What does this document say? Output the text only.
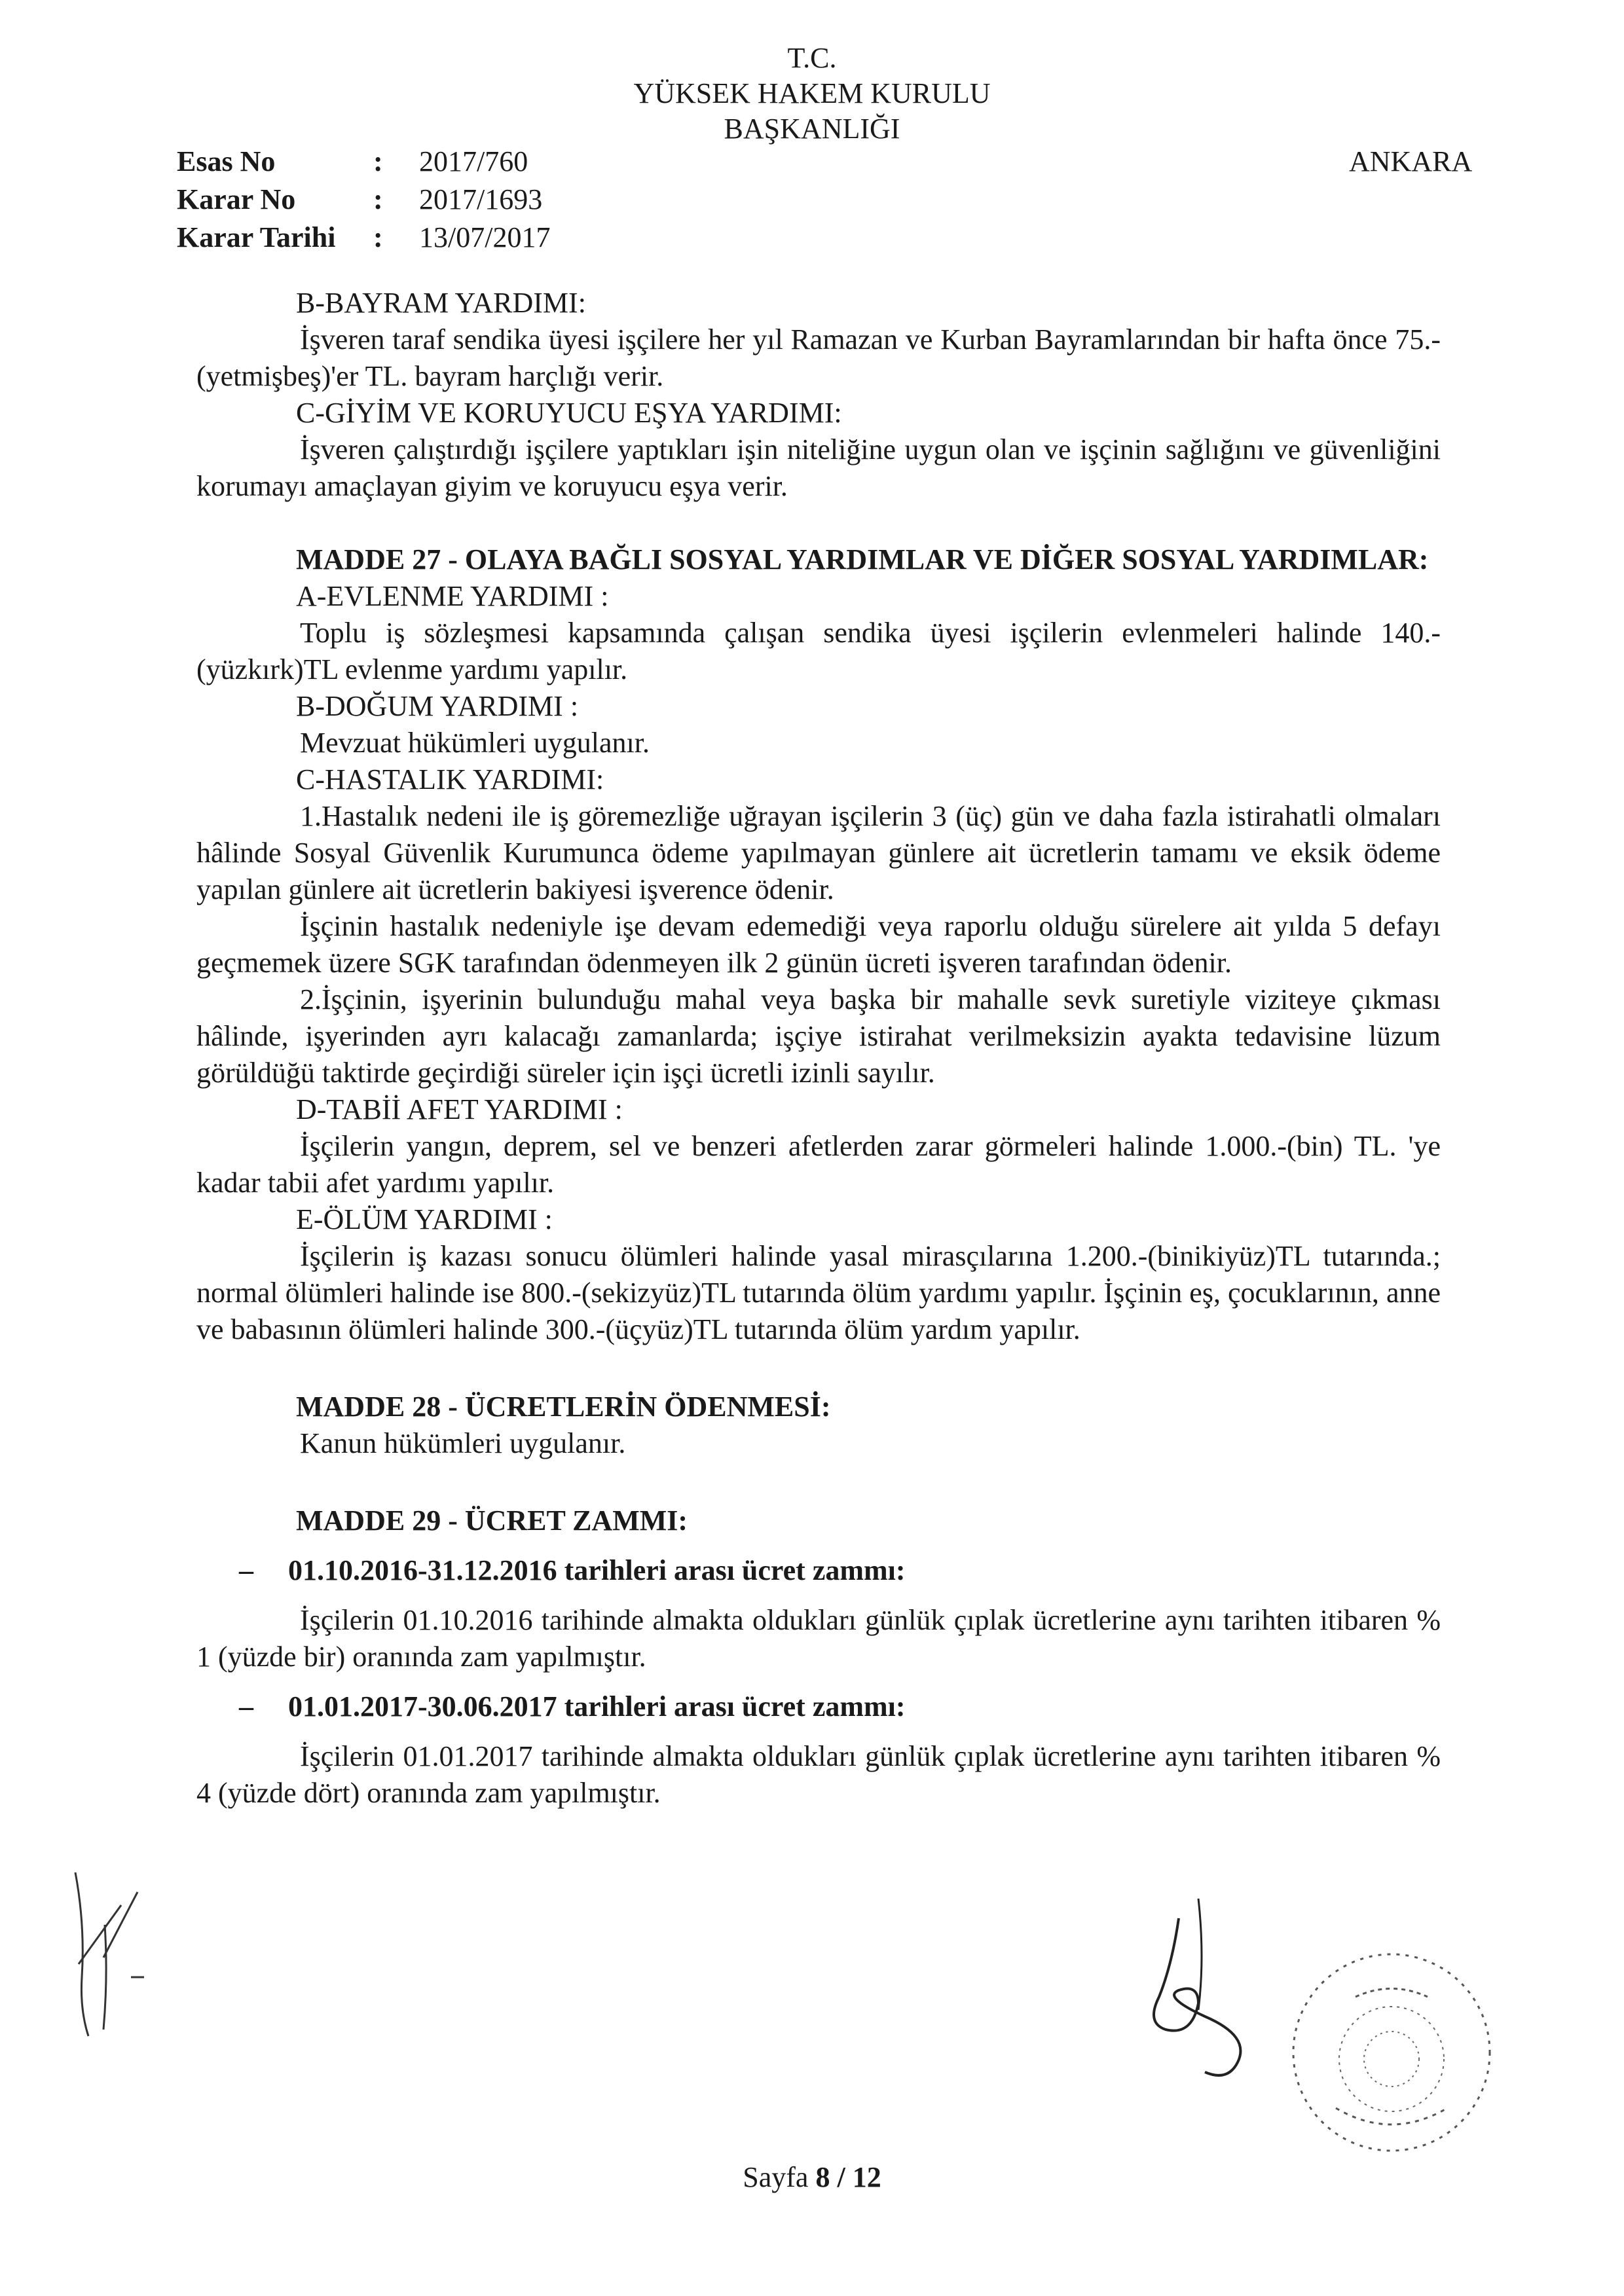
T.C.
YÜKSEK HAKEM KURULU
BAŞKANLIĞI
Esas No	:	2017/760
Karar No	:	2017/1693
Karar Tarihi	:	13/07/2017
ANKARA

B-BAYRAM YARDIMI:

İşveren taraf sendika üyesi işçilere her yıl Ramazan ve Kurban Bayramlarından bir hafta önce 75.-(yetmişbeş)'er TL. bayram harçlığı verir.

C-GİYİM VE KORUYUCU EŞYA YARDIMI:

İşveren çalıştırdığı işçilere yaptıkları işin niteliğine uygun olan ve işçinin sağlığını ve güvenliğini korumayı amaçlayan giyim ve koruyucu eşya verir.

MADDE 27 - OLAYA BAĞLI SOSYAL YARDIMLAR VE DİĞER SOSYAL YARDIMLAR:

A-EVLENME YARDIMI :

Toplu iş sözleşmesi kapsamında çalışan sendika üyesi işçilerin evlenmeleri halinde 140.-(yüzkırk)TL evlenme yardımı yapılır.

B-DOĞUM YARDIMI :

Mevzuat hükümleri uygulanır.

C-HASTALIK YARDIMI:

1.Hastalık nedeni ile iş göremezliğe uğrayan işçilerin 3 (üç) gün ve daha fazla istirahatli olmaları hâlinde Sosyal Güvenlik Kurumunca ödeme yapılmayan günlere ait ücretlerin tamamı ve eksik ödeme yapılan günlere ait ücretlerin bakiyesi işverence ödenir.

İşçinin hastalık nedeniyle işe devam edemediği veya raporlu olduğu sürelere ait yılda 5 defayı geçmemek üzere SGK tarafından ödenmeyen ilk 2 günün ücreti işveren tarafından ödenir.

2.İşçinin, işyerinin bulunduğu mahal veya başka bir mahalle sevk suretiyle viziteye çıkması hâlinde, işyerinden ayrı kalacağı zamanlarda; işçiye istirahat verilmeksizin ayakta tedavisine lüzum görüldüğü taktirde geçirdiği süreler için işçi ücretli izinli sayılır.

D-TABİİ AFET YARDIMI :

İşçilerin yangın, deprem, sel ve benzeri afetlerden zarar görmeleri halinde 1.000.-(bin) TL. 'ye kadar tabii afet yardımı yapılır.

E-ÖLÜM YARDIMI :

İşçilerin iş kazası sonucu ölümleri halinde yasal mirasçılarına 1.200.-(binikiyüz)TL tutarında.; normal ölümleri halinde ise 800.-(sekizyüz)TL tutarında ölüm yardımı yapılır. İşçinin eş, çocuklarının, anne ve babasının ölümleri halinde 300.-(üçyüz)TL tutarında ölüm yardım yapılır.

MADDE 28 - ÜCRETLERİN ÖDENMESİ:

Kanun hükümleri uygulanır.

MADDE 29 - ÜCRET ZAMMI:

–	01.10.2016-31.12.2016 tarihleri arası ücret zammı:

İşçilerin 01.10.2016 tarihinde almakta oldukları günlük çıplak ücretlerine aynı tarihten itibaren % 1 (yüzde bir) oranında zam yapılmıştır.

–	01.01.2017-30.06.2017 tarihleri arası ücret zammı:

İşçilerin 01.01.2017 tarihinde almakta oldukları günlük çıplak ücretlerine aynı tarihten itibaren % 4 (yüzde dört) oranında zam yapılmıştır.

Sayfa 8 / 12
